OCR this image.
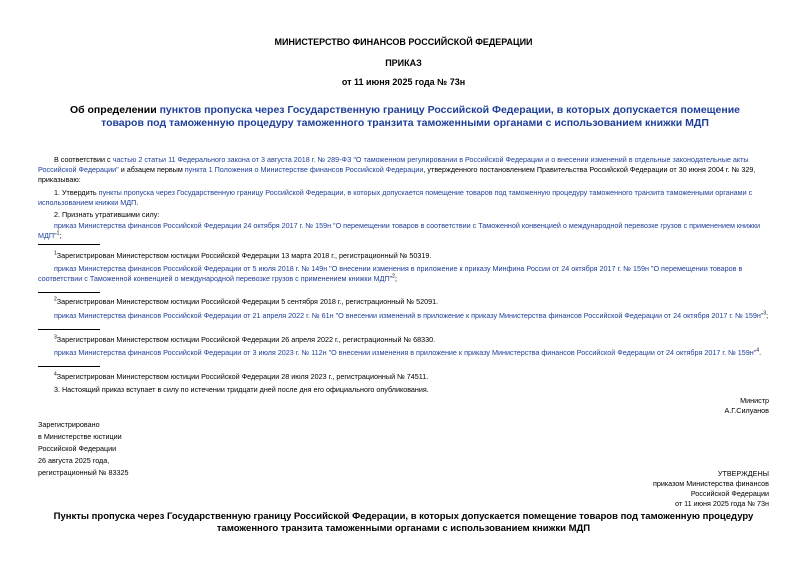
МИНИСТЕРСТВО ФИНАНСОВ РОССИЙСКОЙ ФЕДЕРАЦИИ
ПРИКАЗ
от 11 июня 2025 года № 73н
Об определении пунктов пропуска через Государственную границу Российской Федерации, в которых допускается помещение товаров под таможенную процедуру таможенного транзита таможенными органами с использованием книжки МДП
В соответствии с частью 2 статьи 11 Федерального закона от 3 августа 2018 г. № 289-ФЗ "О таможенном регулировании в Российской Федерации и о внесении изменений в отдельные законодательные акты Российской Федерации" и абзацем первым пункта 1 Положения о Министерстве финансов Российской Федерации, утвержденного постановлением Правительства Российской Федерации от 30 июня 2004 г. № 329,
приказываю:
1. Утвердить пункты пропуска через Государственную границу Российской Федерации, в которых допускается помещение товаров под таможенную процедуру таможенного транзита таможенными органами с использованием книжки МДП.
2. Признать утратившими силу:
приказ Министерства финансов Российской Федерации 24 октября 2017 г. № 159н "О перемещении товаров в соответствии с Таможенной конвенцией о международной перевозке грузов с применением книжки МДП"$^1$;
$^1$Зарегистрирован Министерством юстиции Российской Федерации 13 марта 2018 г., регистрационный № 50319.
приказ Министерства финансов Российской Федерации от 5 июля 2018 г. № 149н "О внесении изменения в приложение к приказу Минфина России от 24 октября 2017 г. № 159н "О перемещении товаров в соответствии с Таможенной конвенцией о международной перевозке грузов с применением книжки МДП"$^2$;
$^2$Зарегистрирован Министерством юстиции Российской Федерации 5 сентября 2018 г., регистрационный № 52091.
приказ Министерства финансов Российской Федерации от 21 апреля 2022 г. № 61н "О внесении изменений в приложение к приказу Министерства финансов Российской Федерации от 24 октября 2017 г. № 159н"$^3$;
$^3$Зарегистрирован Министерством юстиции Российской Федерации 26 апреля 2022 г., регистрационный № 68330.
приказ Министерства финансов Российской Федерации от 3 июля 2023 г. № 112н "О внесении изменения в приложение к приказу Министерства финансов Российской Федерации от 24 октября 2017 г. № 159н"$^4$.
$^4$Зарегистрирован Министерством юстиции Российской Федерации 28 июля 2023 г., регистрационный № 74511.
3. Настоящий приказ вступает в силу по истечении тридцати дней после дня его официального опубликования.
Министр
А.Г.Силуанов
Зарегистрировано
в Министерстве юстиции
Российской Федерации
26 августа 2025 года,
регистрационный № 83325	УТВЕРЖДЕНЫ
приказом Министерства финансов
Российской Федерации
от 11 июня 2025 года № 73н
Пункты пропуска через Государственную границу Российской Федерации, в которых допускается помещение товаров под таможенную процедуру таможенного транзита таможенными органами с использованием книжки МДП
